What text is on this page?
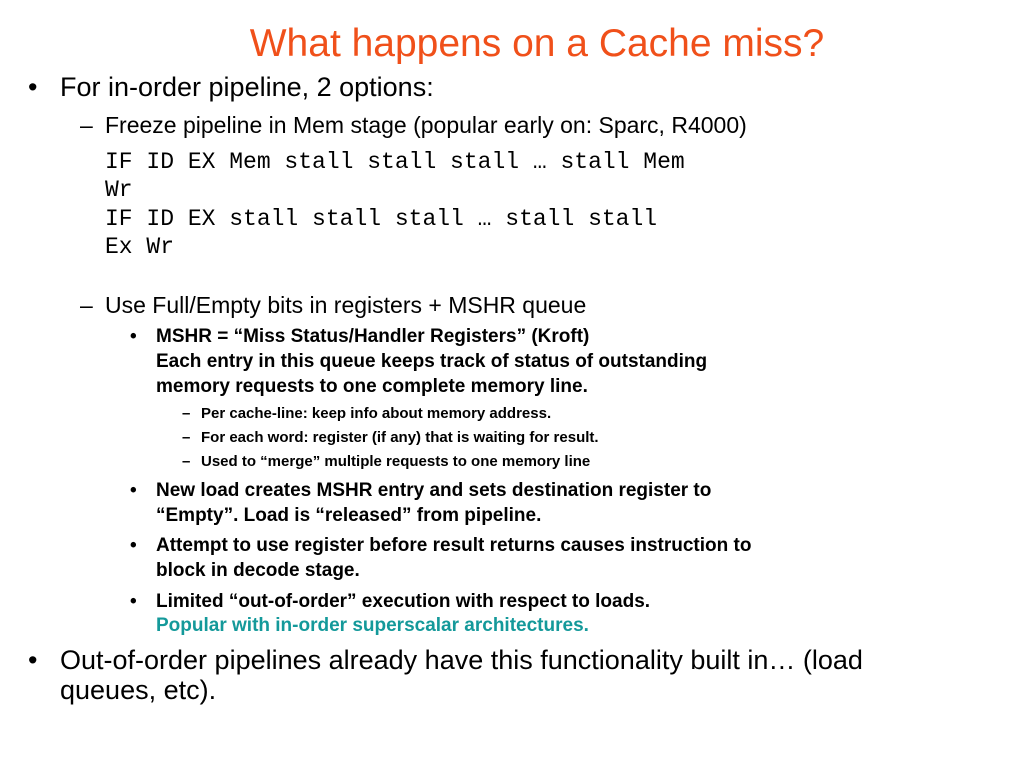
What happens on a Cache miss?
• For in-order pipeline, 2 options:
– Freeze pipeline in Mem stage (popular early on: Sparc, R4000)
IF ID EX Mem stall stall stall … stall Mem
Wr
IF ID EX stall stall stall … stall stall
Ex Wr
– Use Full/Empty bits in registers + MSHR queue
• MSHR = “Miss Status/Handler Registers” (Kroft)
Each entry in this queue keeps track of status of outstanding
memory requests to one complete memory line.
– Per cache-line: keep info about memory address.
– For each word: register (if any) that is waiting for result.
– Used to “merge” multiple requests to one memory line
• New load creates MSHR entry and sets destination register to
“Empty”. Load is “released” from pipeline.
• Attempt to use register before result returns causes instruction to
block in decode stage.
• Limited “out-of-order” execution with respect to loads.
Popular with in-order superscalar architectures.
• Out-of-order pipelines already have this functionality built in… (load
queues, etc).
